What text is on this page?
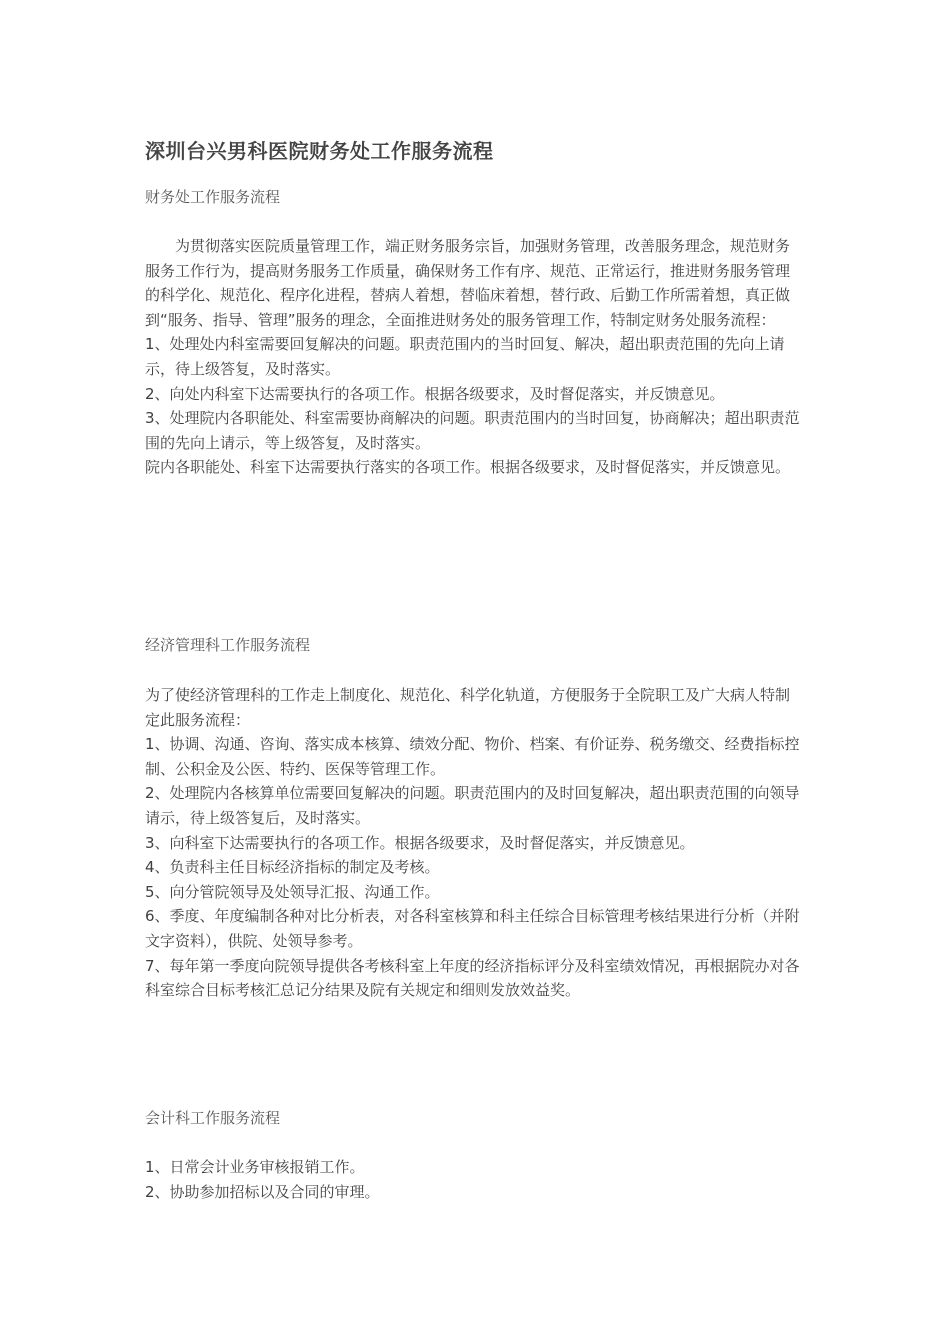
深圳台兴男科医院财务处工作服务流程
财务处工作服务流程

为贯彻落实医院质量管理工作，端正财务服务宗旨，加强财务管理，改善服务理念，规范财务服务工作行为，提高财务服务工作质量，确保财务工作有序、规范、正常运行，推进财务服务管理的科学化、规范化、程序化进程，替病人着想，替临床着想，替行政、后勤工作所需着想，真正做到“服务、指导、管理”服务的理念，全面推进财务处的服务管理工作，特制定财务处服务流程：

1、处理处内科室需要回复解决的问题。职责范围内的当时回复、解决，超出职责范围的先向上请示，待上级答复，及时落实。

2、向处内科室下达需要执行的各项工作。根据各级要求，及时督促落实，并反馈意见。

3、处理院内各职能处、科室需要协商解决的问题。职责范围内的当时回复，协商解决；超出职责范围的先向上请示，等上级答复，及时落实。

院内各职能处、科室下达需要执行落实的各项工作。根据各级要求，及时督促落实，并反馈意见。

经济管理科工作服务流程

为了使经济管理科的工作走上制度化、规范化、科学化轨道，方便服务于全院职工及广大病人特制定此服务流程：

1、协调、沟通、咨询、落实成本核算、绩效分配、物价、档案、有价证券、税务缴交、经费指标控制、公积金及公医、特约、医保等管理工作。

2、处理院内各核算单位需要回复解决的问题。职责范围内的及时回复解决，超出职责范围的向领导请示，待上级答复后，及时落实。

3、向科室下达需要执行的各项工作。根据各级要求，及时督促落实，并反馈意见。

4、负责科主任目标经济指标的制定及考核。

5、向分管院领导及处领导汇报、沟通工作。

6、季度、年度编制各种对比分析表，对各科室核算和科主任综合目标管理考核结果进行分析（并附文字资料），供院、处领导参考。

7、每年第一季度向院领导提供各考核科室上年度的经济指标评分及科室绩效情况，再根据院办对各科室综合目标考核汇总记分结果及院有关规定和细则发放效益奖。

会计科工作服务流程

1、日常会计业务审核报销工作。

2、协助参加招标以及合同的审理。
